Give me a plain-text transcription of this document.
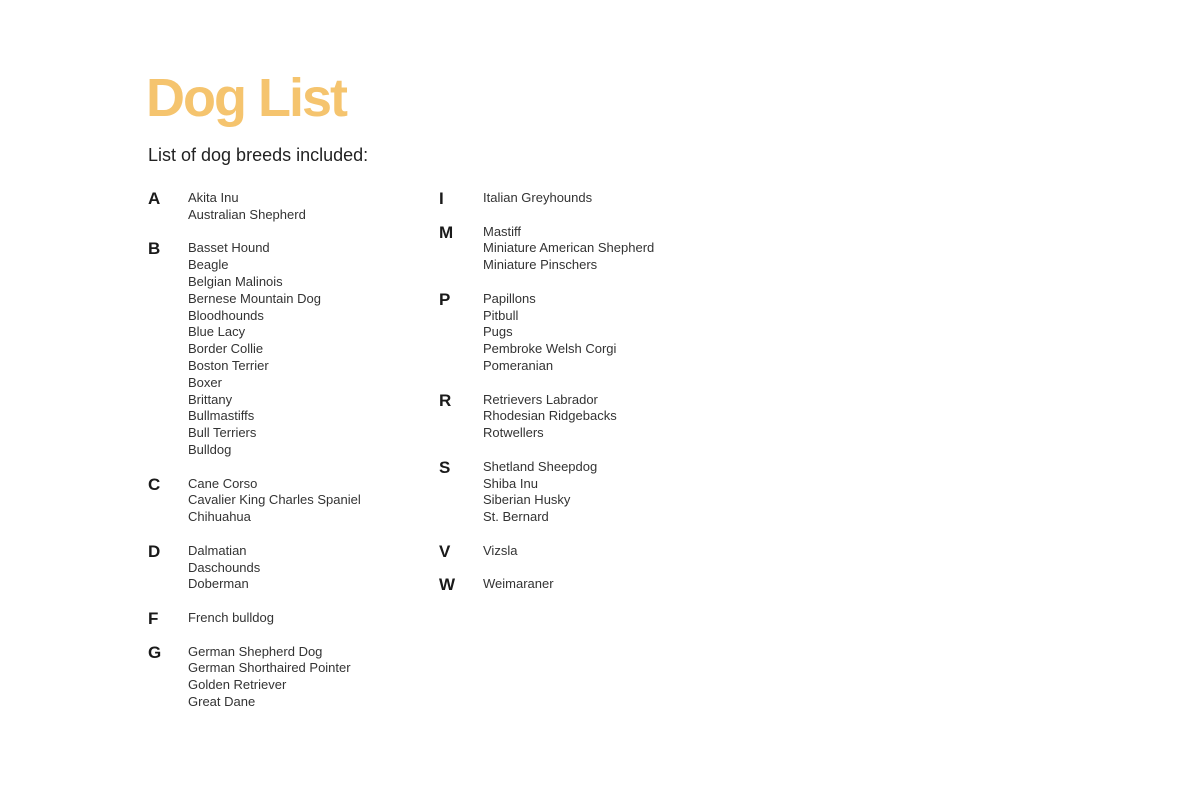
Dog List
List of dog breeds included:
A Akita Inu
Australian Shepherd
B Basset Hound
Beagle
Belgian Malinois
Bernese Mountain Dog
Bloodhounds
Blue Lacy
Border Collie
Boston Terrier
Boxer
Brittany
Bullmastiffs
Bull Terriers
Bulldog
C Cane Corso
Cavalier King Charles Spaniel
Chihuahua
D Dalmatian
Daschounds
Doberman
F French bulldog
G German Shepherd Dog
German Shorthaired Pointer
Golden Retriever
Great Dane
I	Italian Greyhounds
M Mastiff
Miniature American Shepherd
Miniature Pinschers
P	Papillons
Pitbull
Pugs
Pembroke Welsh Corgi
Pomeranian
R Retrievers Labrador
Rhodesian Ridgebacks
Rotwellers
S	Shetland Sheepdog
Shiba Inu
Siberian Husky
St. Bernard
V	Vizsla
W Weimaraner
